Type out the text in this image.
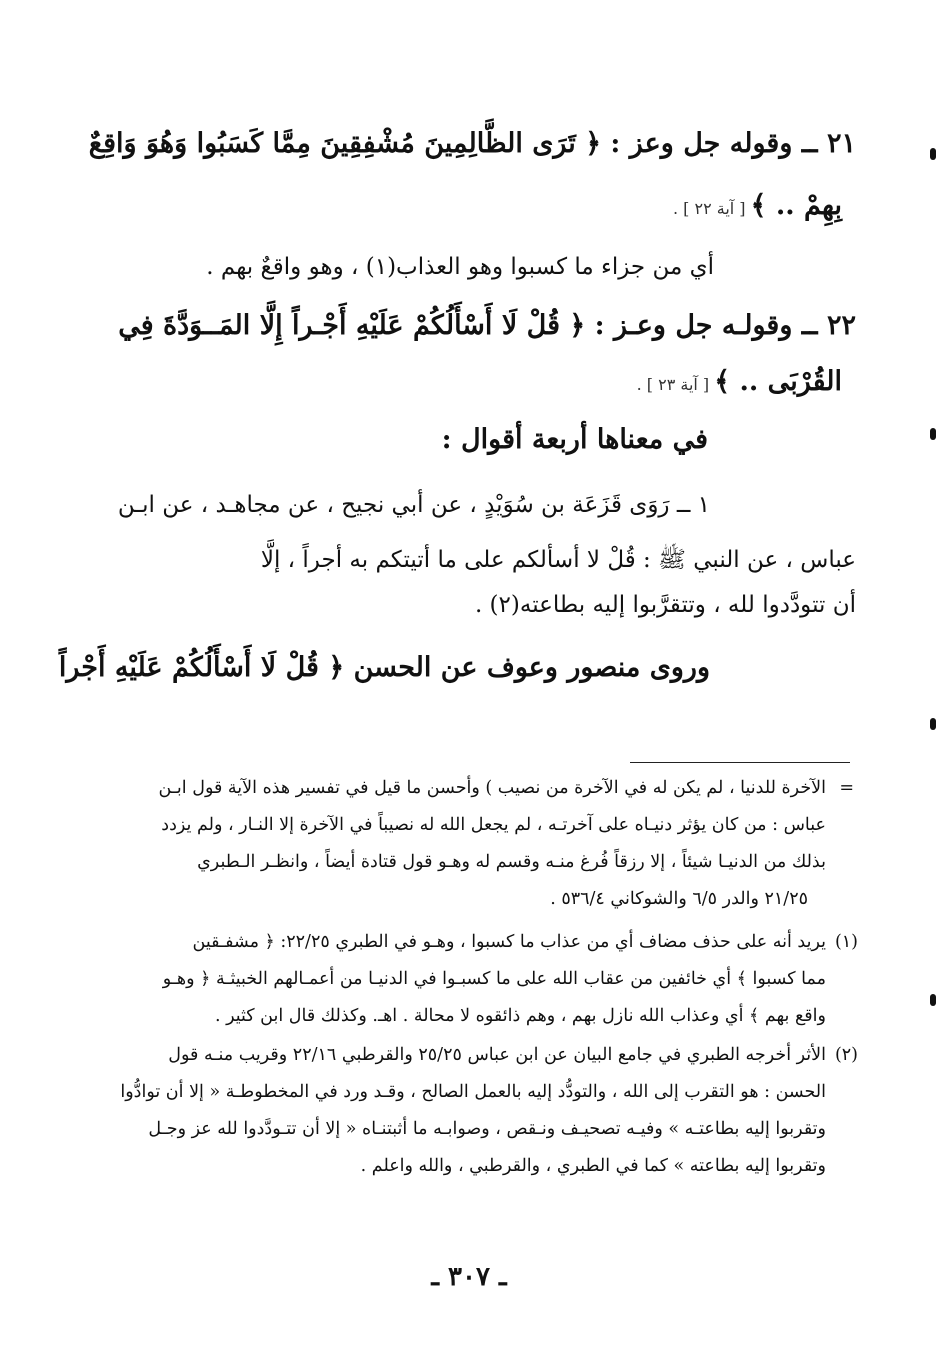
٢١ ــ وقوله جل وعز : ﴿ تَرَى الظَّالِمِينَ مُشْفِقِينَ مِمَّا كَسَبُوا وَهُوَ وَاقِعٌ
بِهِمْ .. ﴾ [ آية ٢٢ ] .
أي من جزاء ما كسبوا وهو العذاب(١) ، وهو واقعٌ بهم .
٢٢ ــ وقولـه جل وعـز : ﴿ قُلْ لَا أَسْأَلُكُمْ عَلَيْهِ أَجْـراً إِلَّا المَــوَدَّةَ فِي
القُرْبَى .. ﴾ [ آية ٢٣ ] .
في معناها أربعة أقوال :
١ ــ رَوَى قَزَعَة بن سُوَيْدٍ ، عن أبي نجيح ، عن مجاهـد ، عن ابـن
عباس ، عن النبي ﷺ : قُلْ لا أسألكم على ما أتيتكم به أجراً ، إلَّا
أن تتودَّدوا لله ، وتتقرَّبوا إليه بطاعته(٢) .
وروى منصور وعوف عن الحسن ﴿ قُلْ لَا أَسْأَلُكُمْ عَلَيْهِ أَجْراً
=
الآخرة للدنيا ، لم يكن له في الآخرة من نصيب ) وأحسن ما قيل في تفسير هذه الآية قول ابـن
عباس : من كان يؤثر دنيـاه على آخرتـه ، لم يجعل الله له نصيباً في الآخرة إلا النـار ، ولم يزدد
بذلك من الدنيـا شيئاً ، إلا رزقاً فُرغ منـه وقسم له وهـو قول قتادة أيضاً ، وانظـر الـطبري
٢١/٢٥ والدر ٦/٥ والشوكاني ٥٣٦/٤ .
(١)
يريد أنه على حذف مضاف أي من عذاب ما كسبوا ، وهـو في الطبري ٢٢/٢٥: ﴿ مشفـقين
مما كسبوا ﴾ أي خائفين من عقاب الله على ما كسبـوا في الدنيـا من أعمـالهم الخبيثـة ﴿ وهـو
واقع بهم ﴾ أي وعذاب الله نازل بهم ، وهم ذائقوه لا محالة . اهـ. وكذلك قال ابن كثير .
(٢)
الأثر أخرجه الطبري في جامع البيان عن ابن عباس ٢٥/٢٥ والقرطبي ٢٢/١٦ وقريب منـه قول
الحسن : هو التقرب إلى الله ، والتودُّد إليه بالعمل الصالح ، وقـد ورد في المخطوطـة « إلا أن توادُّوا
وتقربوا إليه بطاعتـه » وفيـه تصحيـف ونـقص ، وصوابـه ما أثبتنـاه « إلا أن تتـودَّدوا لله عز وجـل
وتقربوا إليه بطاعته » كما في الطبري ، والقرطبي ، والله واعلم .
ـ ٣٠٧ ـ
